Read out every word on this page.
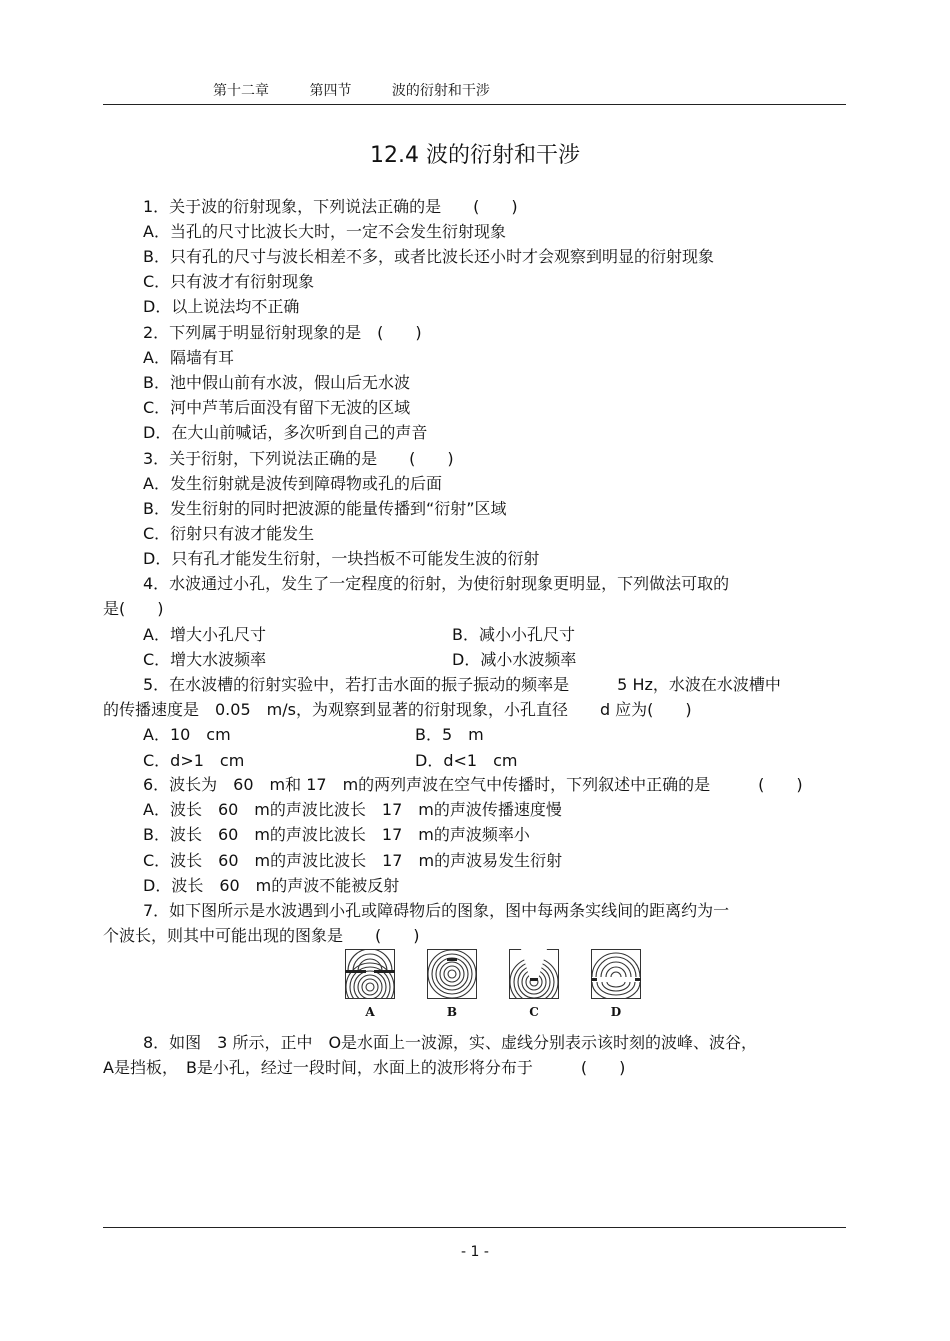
第十二章	第四节	波的衍射和干涉
12.4 波的衍射和干涉
1．关于波的衍射现象，下列说法正确的是　　(　　)
A．当孔的尺寸比波长大时，一定不会发生衍射现象
B．只有孔的尺寸与波长相差不多，或者比波长还小时才会观察到明显的衍射现象
C．只有波才有衍射现象
D．以上说法均不正确
2．下列属于明显衍射现象的是　(　　)
A．隔墙有耳
B．池中假山前有水波，假山后无水波
C．河中芦苇后面没有留下无波的区域
D．在大山前喊话，多次听到自己的声音
3．关于衍射，下列说法正确的是　　(　　)
A．发生衍射就是波传到障碍物或孔的后面
B．发生衍射的同时把波源的能量传播到“衍射”区域
C．衍射只有波才能发生
D．只有孔才能发生衍射，一块挡板不可能发生波的衍射
4．水波通过小孔，发生了一定程度的衍射，为使衍射现象更明显，下列做法可取的
是(　　)
A．增大小孔尺寸	B．减小小孔尺寸
C．增大水波频率	D．减小水波频率
5．在水波槽的衍射实验中，若打击水面的振子振动的频率是　　　5 Hz，水波在水波槽中
的传播速度是　0.05　m/s，为观察到显著的衍射现象，小孔直径　　d 应为(　　)
A．10　cm	B．5　m
C．d>1　cm	D．d<1　cm
6．波长为　60　m和 17　m的两列声波在空气中传播时，下列叙述中正确的是　　　(　　)
A．波长　60　m的声波比波长　17　m的声波传播速度慢
B．波长　60　m的声波比波长　17　m的声波频率小
C．波长　60　m的声波比波长　17　m的声波易发生衍射
D．波长　60　m的声波不能被反射
7．如下图所示是水波遇到小孔或障碍物后的图象，图中每两条实线间的距离约为一
个波长，则其中可能出现的图象是　　(　　)
A	B	C	D
8．如图　3 所示，正中　O是水面上一波源，实、虚线分别表示该时刻的波峰、波谷，
A是挡板，　B是小孔，经过一段时间，水面上的波形将分布于　　　(　　)
- 1 -
